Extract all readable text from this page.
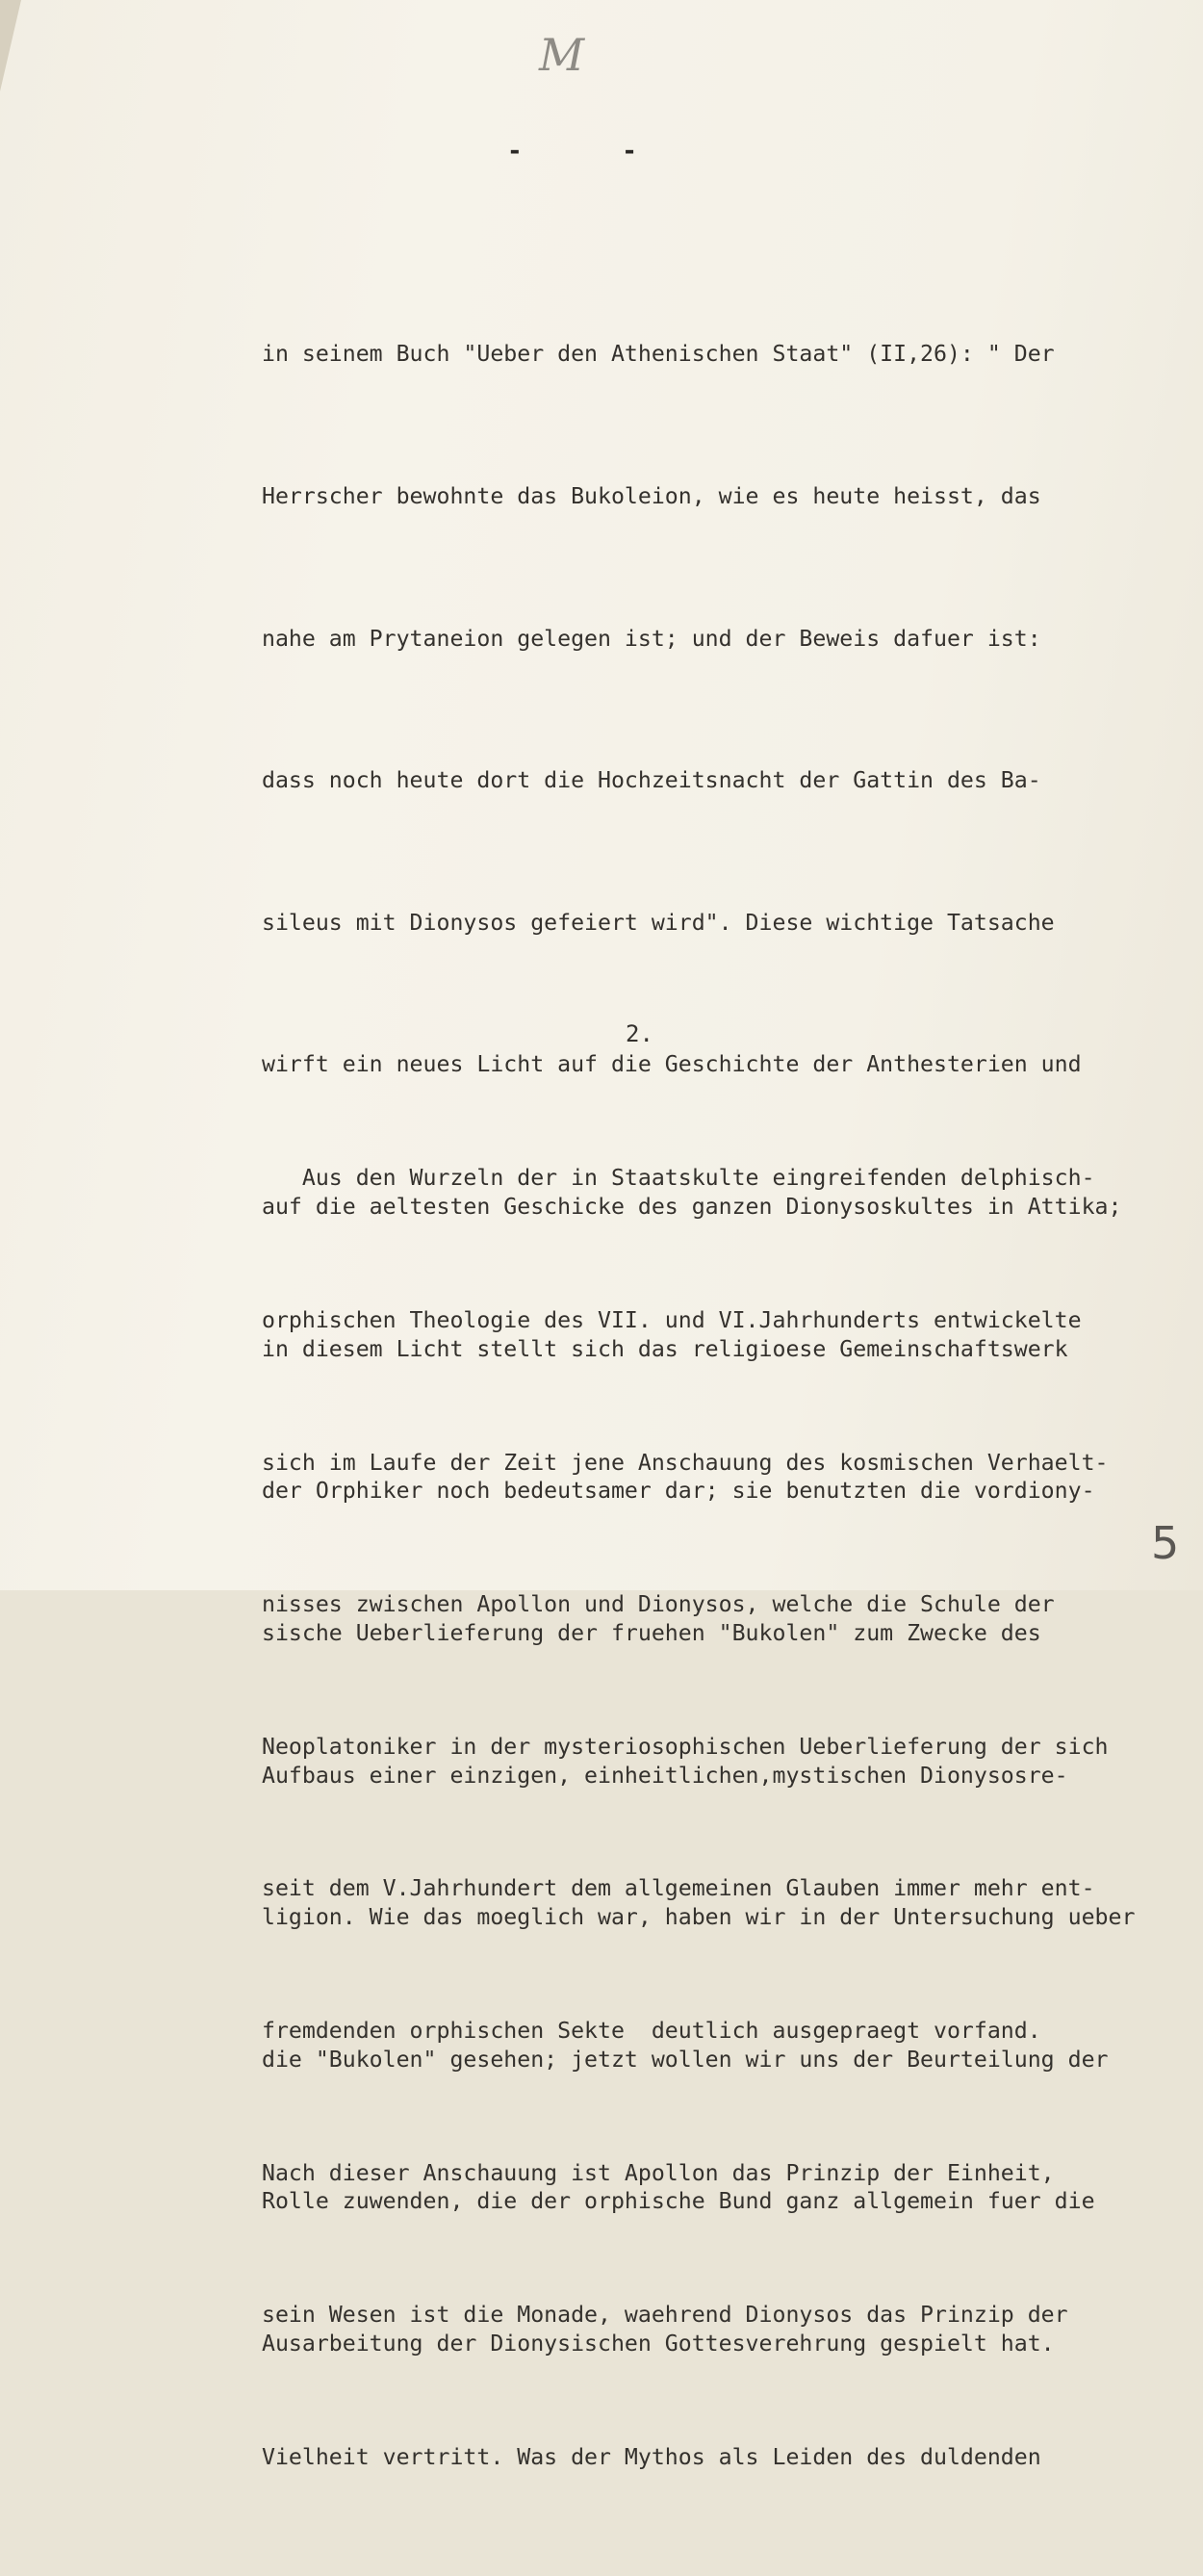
M
- -

in seinem Buch "Ueber den Athenischen Staat" (II,26): " Der

Herrscher bewohnte das Bukoleion, wie es heute heisst, das

nahe am Prytaneion gelegen ist; und der Beweis dafuer ist:

dass noch heute dort die Hochzeitsnacht der Gattin des Ba-

sileus mit Dionysos gefeiert wird". Diese wichtige Tatsache

wirft ein neues Licht auf die Geschichte der Anthesterien und

auf die aeltesten Geschicke des ganzen Dionysoskultes in Attika;

in diesem Licht stellt sich das religioese Gemeinschaftswerk

der Orphiker noch bedeutsamer dar; sie benutzten die vordiony-

sische Ueberlieferung der fruehen "Bukolen" zum Zwecke des

Aufbaus einer einzigen, einheitlichen,mystischen Dionysosre-

ligion. Wie das moeglich war, haben wir in der Untersuchung ueber

die "Bukolen" gesehen; jetzt wollen wir uns der Beurteilung der

Rolle zuwenden, die der orphische Bund ganz allgemein fuer die

Ausarbeitung der Dionysischen Gottesverehrung gespielt hat.

2.

Aus den Wurzeln der in Staatskulte eingreifenden delphisch-

orphischen Theologie des VII. und VI.Jahrhunderts entwickelte

sich im Laufe der Zeit jene Anschauung des kosmischen Verhaelt-

nisses zwischen Apollon und Dionysos, welche die Schule der

Neoplatoniker in der mysteriosophischen Ueberlieferung der sich

seit dem V.Jahrhundert dem allgemeinen Glauben immer mehr ent-

fremdenden orphischen Sekte  deutlich ausgepraegt vorfand.

Nach dieser Anschauung ist Apollon das Prinzip der Einheit,

sein Wesen ist die Monade, waehrend Dionysos das Prinzip der

Vielheit vertritt. Was der Mythos als Leiden des duldenden

5
